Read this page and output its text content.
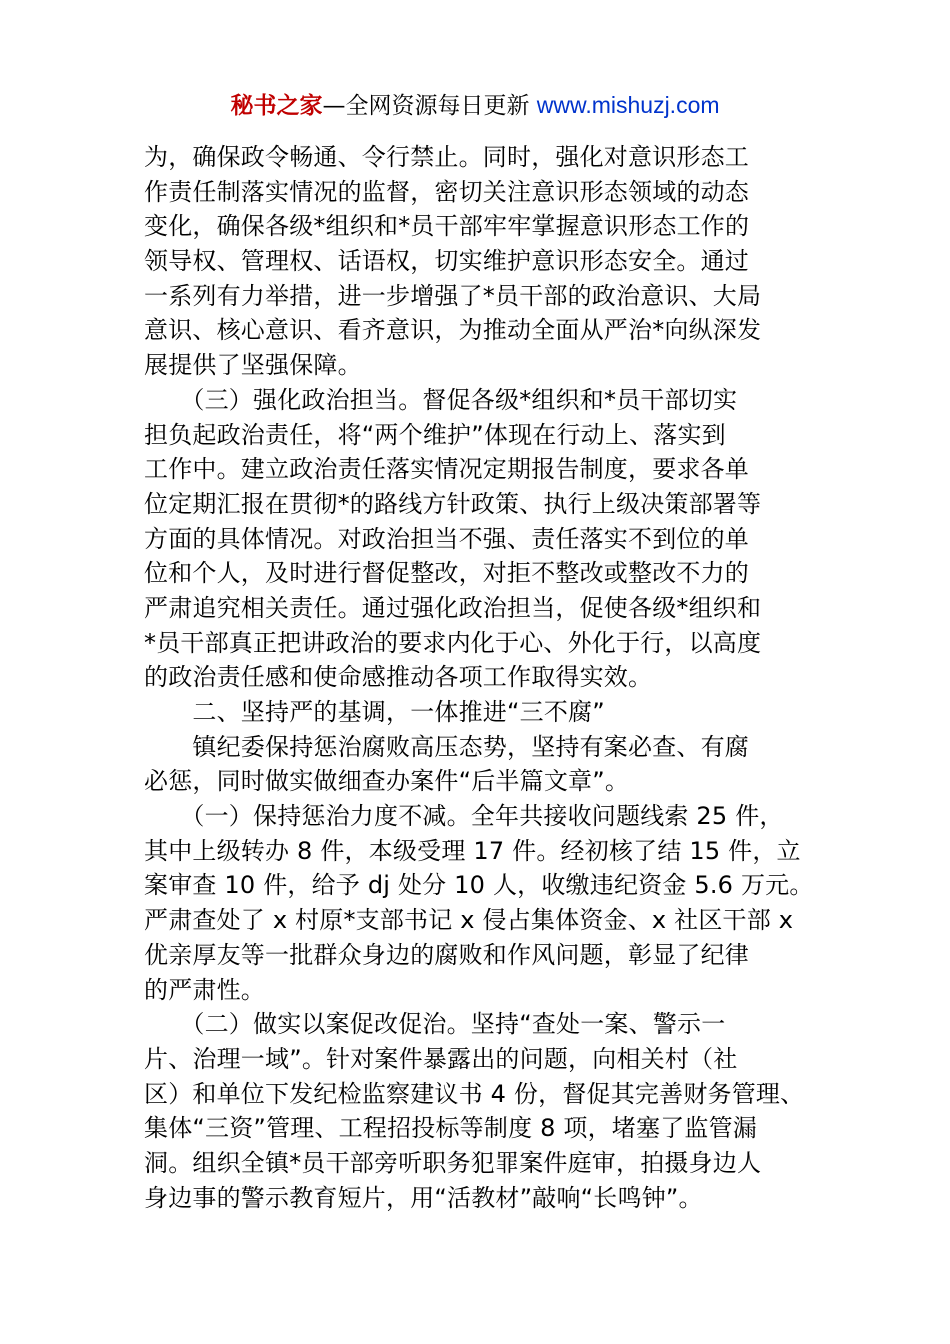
秘书之家—全网资源每日更新 www.mishuzj.com
为，确保政令畅通、令行禁止。同时，强化对意识形态工
作责任制落实情况的监督，密切关注意识形态领域的动态
变化，确保各级*组织和*员干部牢牢掌握意识形态工作的
领导权、管理权、话语权，切实维护意识形态安全。通过
一系列有力举措，进一步增强了*员干部的政治意识、大局
意识、核心意识、看齐意识，为推动全面从严治*向纵深发
展提供了坚强保障。
　　（三）强化政治担当。督促各级*组织和*员干部切实
担负起政治责任，将“两个维护”体现在行动上、落实到
工作中。建立政治责任落实情况定期报告制度，要求各单
位定期汇报在贯彻*的路线方针政策、执行上级决策部署等
方面的具体情况。对政治担当不强、责任落实不到位的单
位和个人，及时进行督促整改，对拒不整改或整改不力的
严肃追究相关责任。通过强化政治担当，促使各级*组织和
*员干部真正把讲政治的要求内化于心、外化于行，以高度
的政治责任感和使命感推动各项工作取得实效。
　　二、坚持严的基调，一体推进“三不腐”
　　镇纪委保持惩治腐败高压态势，坚持有案必查、有腐
必惩，同时做实做细查办案件“后半篇文章”。
　　（一）保持惩治力度不减。全年共接收问题线索 25 件，
其中上级转办 8 件，本级受理 17 件。经初核了结 15 件，立
案审查 10 件，给予 dj 处分 10 人，收缴违纪资金 5.6 万元。
严肃查处了 x 村原*支部书记 x 侵占集体资金、x 社区干部 x
优亲厚友等一批群众身边的腐败和作风问题，彰显了纪律
的严肃性。
　　（二）做实以案促改促治。坚持“查处一案、警示一
片、治理一域”。针对案件暴露出的问题，向相关村（社
区）和单位下发纪检监察建议书 4 份，督促其完善财务管理、
集体“三资”管理、工程招投标等制度 8 项，堵塞了监管漏
洞。组织全镇*员干部旁听职务犯罪案件庭审，拍摄身边人
身边事的警示教育短片，用“活教材”敲响“长鸣钟”。
